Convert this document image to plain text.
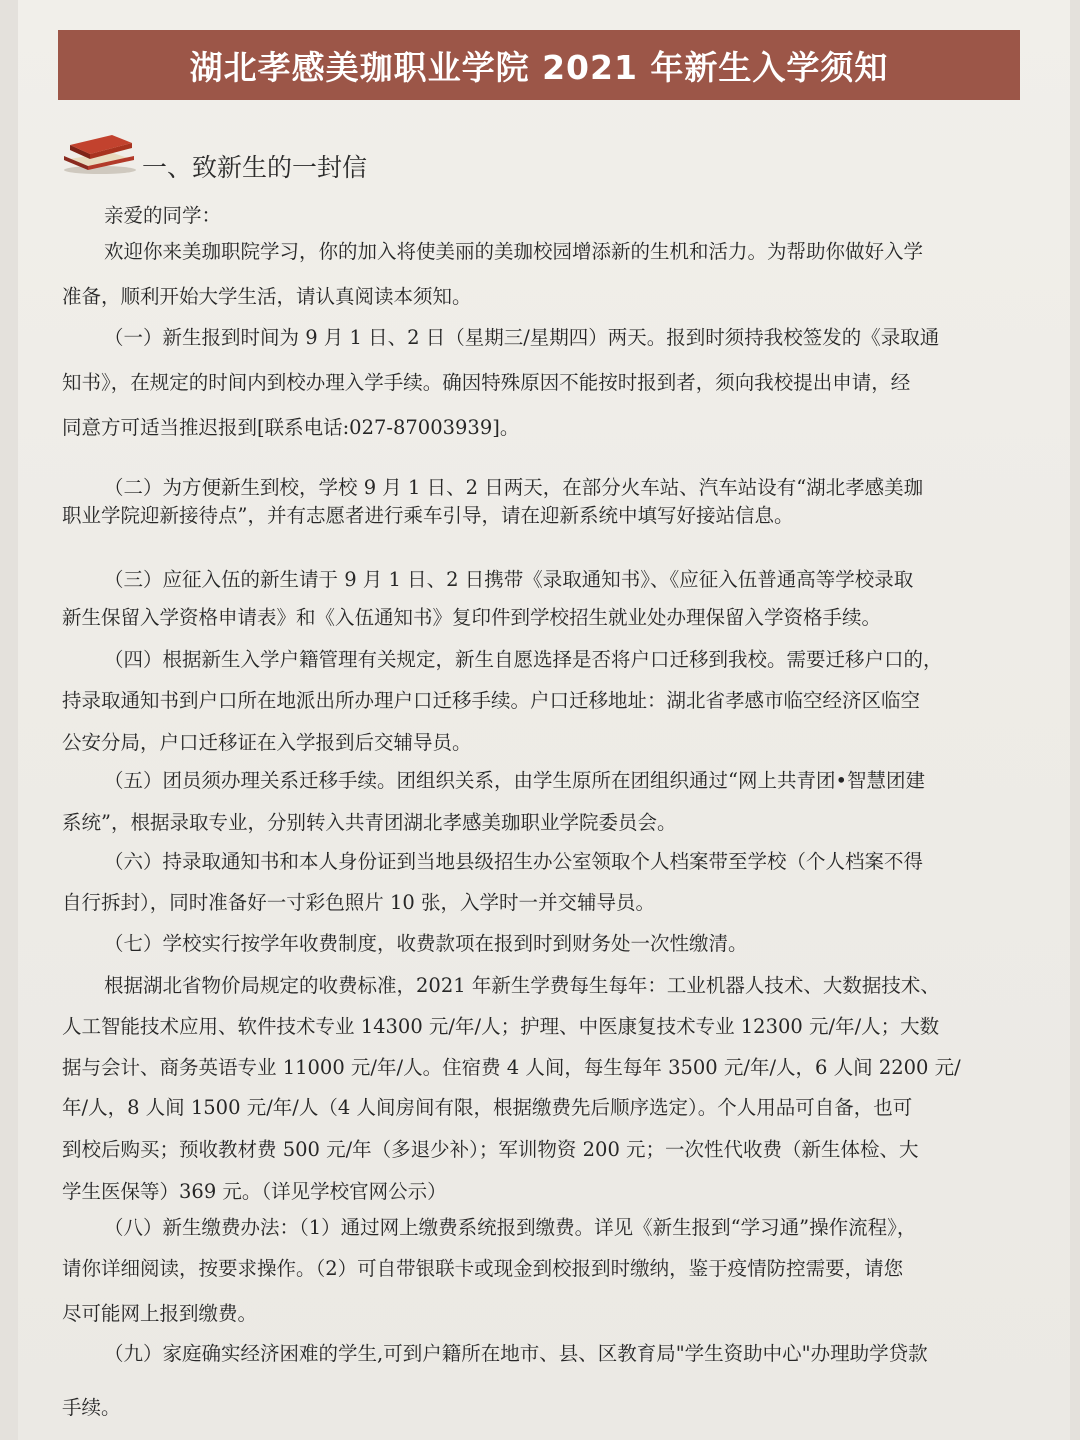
湖北孝感美珈职业学院 2021 年新生入学须知
一、致新生的一封信
亲爱的同学：
欢迎你来美珈职院学习，你的加入将使美丽的美珈校园增添新的生机和活力。为帮助你做好入学
准备，顺利开始大学生活，请认真阅读本须知。
（一）新生报到时间为 9 月 1 日、2 日（星期三/星期四）两天。报到时须持我校签发的《录取通
知书》，在规定的时间内到校办理入学手续。确因特殊原因不能按时报到者，须向我校提出申请，经
同意方可适当推迟报到[联系电话:027-87003939]。
（二）为方便新生到校，学校 9 月 1 日、2 日两天，在部分火车站、汽车站设有“湖北孝感美珈
职业学院迎新接待点”，并有志愿者进行乘车引导，请在迎新系统中填写好接站信息。
（三）应征入伍的新生请于 9 月 1 日、2 日携带《录取通知书》、《应征入伍普通高等学校录取
新生保留入学资格申请表》和《入伍通知书》复印件到学校招生就业处办理保留入学资格手续。
（四）根据新生入学户籍管理有关规定，新生自愿选择是否将户口迁移到我校。需要迁移户口的，
持录取通知书到户口所在地派出所办理户口迁移手续。户口迁移地址：湖北省孝感市临空经济区临空
公安分局，户口迁移证在入学报到后交辅导员。
（五）团员须办理关系迁移手续。团组织关系，由学生原所在团组织通过“网上共青团•智慧团建
系统”，根据录取专业，分别转入共青团湖北孝感美珈职业学院委员会。
（六）持录取通知书和本人身份证到当地县级招生办公室领取个人档案带至学校（个人档案不得
自行拆封），同时准备好一寸彩色照片 10 张，入学时一并交辅导员。
（七）学校实行按学年收费制度，收费款项在报到时到财务处一次性缴清。
根据湖北省物价局规定的收费标准，2021 年新生学费每生每年：工业机器人技术、大数据技术、
人工智能技术应用、软件技术专业 14300 元/年/人；护理、中医康复技术专业 12300 元/年/人；大数
据与会计、商务英语专业 11000 元/年/人。住宿费 4 人间，每生每年 3500 元/年/人，6 人间 2200 元/
年/人，8 人间 1500 元/年/人（4 人间房间有限，根据缴费先后顺序选定）。个人用品可自备，也可
到校后购买；预收教材费 500 元/年（多退少补）；军训物资 200 元；一次性代收费（新生体检、大
学生医保等）369 元。（详见学校官网公示）
（八）新生缴费办法：（1）通过网上缴费系统报到缴费。详见《新生报到“学习通”操作流程》，
请你详细阅读，按要求操作。（2）可自带银联卡或现金到校报到时缴纳，鉴于疫情防控需要，请您
尽可能网上报到缴费。
（九）家庭确实经济困难的学生,可到户籍所在地市、县、区教育局"学生资助中心"办理助学贷款
手续。
